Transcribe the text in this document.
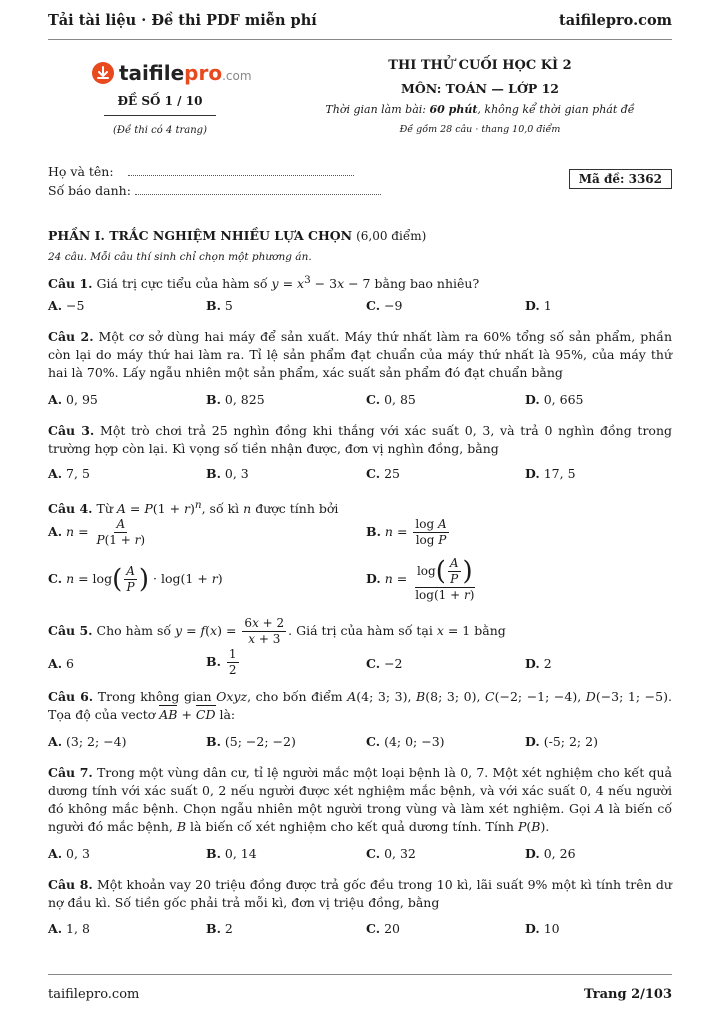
Tải tài liệu · Đề thi PDF miễn phí	taifilepro.com
taifilepro.com
ĐỀ SỐ 1 / 10
(Đề thi có 4 trang)
THI THỬ CUỐI HỌC KÌ 2
MÔN: TOÁN — LỚP 12
Thời gian làm bài: 60 phút, không kể thời gian phát đề
Đề gồm 28 câu · thang 10,0 điểm
Họ và tên:
Số báo danh:
Mã đề: 3362
PHẦN I. TRẮC NGHIỆM NHIỀU LỰA CHỌN (6,00 điểm)
24 câu. Mỗi câu thí sinh chỉ chọn một phương án.
Câu 1. Giá trị cực tiểu của hàm số $y = x^3 - 3x - 7$ bằng bao nhiêu?
A. −5	B. 5	C. −9	D. 1
Câu 2. Một cơ sở dùng hai máy để sản xuất. Máy thứ nhất làm ra 60% tổng số sản phẩm, phần còn lại do máy thứ hai làm ra. Tỉ lệ sản phẩm đạt chuẩn của máy thứ nhất là 95%, của máy thứ hai là 70%. Lấy ngẫu nhiên một sản phẩm, xác suất sản phẩm đó đạt chuẩn bằng
A. 0, 95	B. 0, 825	C. 0, 85	D. 0, 665
Câu 3. Một trò chơi trả 25 nghìn đồng khi thắng với xác suất 0, 3, và trả 0 nghìn đồng trong trường hợp còn lại. Kì vọng số tiền nhận được, đơn vị nghìn đồng, bằng
A. 7, 5	B. 0, 3	C. 25	D. 17, 5
Câu 4. Từ $A = P(1 + r)^n$, số kì n được tính bởi
A. $n = \frac{A}{P(1 + r)}$	B. $n = \frac{\text{log A}}{\text{log P}}$
C. $n = \log( \frac{A}{P}$ ) · log(1 + r)	D. $n = \frac{\log( \frac{A}{P} )}{\log(1 + r)}$
Câu 5. Cho hàm số $y = f(x) = \frac{6x + 2}{x + 3}$ . Giá trị của hàm số tại x = 1 bằng
A. 6	B. $\frac{1}{2}$	C. −2	D. 2
Câu 6. Trong không gian Oxyz, cho bốn điểm A(4; 3; 3), B(8; 3; 0), C(−2; −1; −4), D(−3; 1; −5). Tọa độ của vectơ AB + CD là:
A. (3; 2; −4)	B. (5; −2; −2)	C. (4; 0; −3)	D. (-5; 2; 2)
Câu 7. Trong một vùng dân cư, tỉ lệ người mắc một loại bệnh là 0, 7. Một xét nghiệm cho kết quả dương tính với xác suất 0, 2 nếu người được xét nghiệm mắc bệnh, và với xác suất 0, 4 nếu người đó không mắc bệnh. Chọn ngẫu nhiên một người trong vùng và làm xét nghiệm. Gọi A là biến cố người đó mắc bệnh, B là biến cố xét nghiệm cho kết quả dương tính. Tính P(B).
A. 0, 3	B. 0, 14	C. 0, 32	D. 0, 26
Câu 8. Một khoản vay 20 triệu đồng được trả gốc đều trong 10 kì, lãi suất 9% một kì tính trên dư nợ đầu kì. Số tiền gốc phải trả mỗi kì, đơn vị triệu đồng, bằng
A. 1, 8	B. 2	C. 20	D. 10
taifilepro.com	Trang 2/103
